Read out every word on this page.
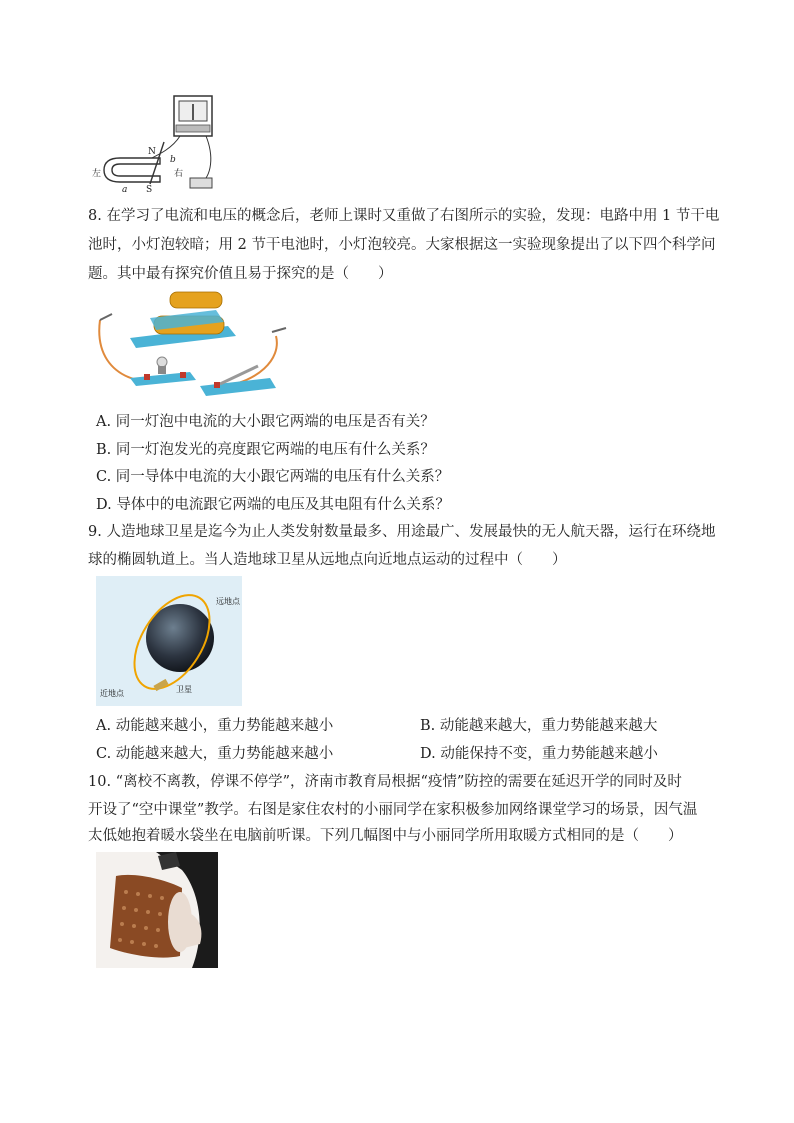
左
N
b
右
a S
8. 在学习了电流和电压的概念后，老师上课时又重做了右图所示的实验，发现：电路中用 1 节干电
池时，小灯泡较暗；用 2 节干电池时，小灯泡较亮。大家根据这一实验现象提出了以下四个科学问
题。其中最有探究价值且易于探究的是（　　）
A. 同一灯泡中电流的大小跟它两端的电压是否有关？
B. 同一灯泡发光的亮度跟它两端的电压有什么关系？
C. 同一导体中电流的大小跟它两端的电压有什么关系？
D. 导体中的电流跟它两端的电压及其电阻有什么关系？
9. 人造地球卫星是迄今为止人类发射数量最多、用途最广、发展最快的无人航天器，运行在环绕地
球的椭圆轨道上。当人造地球卫星从远地点向近地点运动的过程中（　　）
远地点
近地点	卫星
A. 动能越来越小，重力势能越来越小	B. 动能越来越大，重力势能越来越大
C. 动能越来越大，重力势能越来越小	D. 动能保持不变，重力势能越来越小
10. “离校不离教，停课不停学”，济南市教育局根据“疫情”防控的需要在延迟开学的同时及时
开设了“空中课堂”教学。右图是家住农村的小丽同学在家积极参加网络课堂学习的场景，因气温
太低她抱着暖水袋坐在电脑前听课。下列几幅图中与小丽同学所用取暖方式相同的是（　　）
